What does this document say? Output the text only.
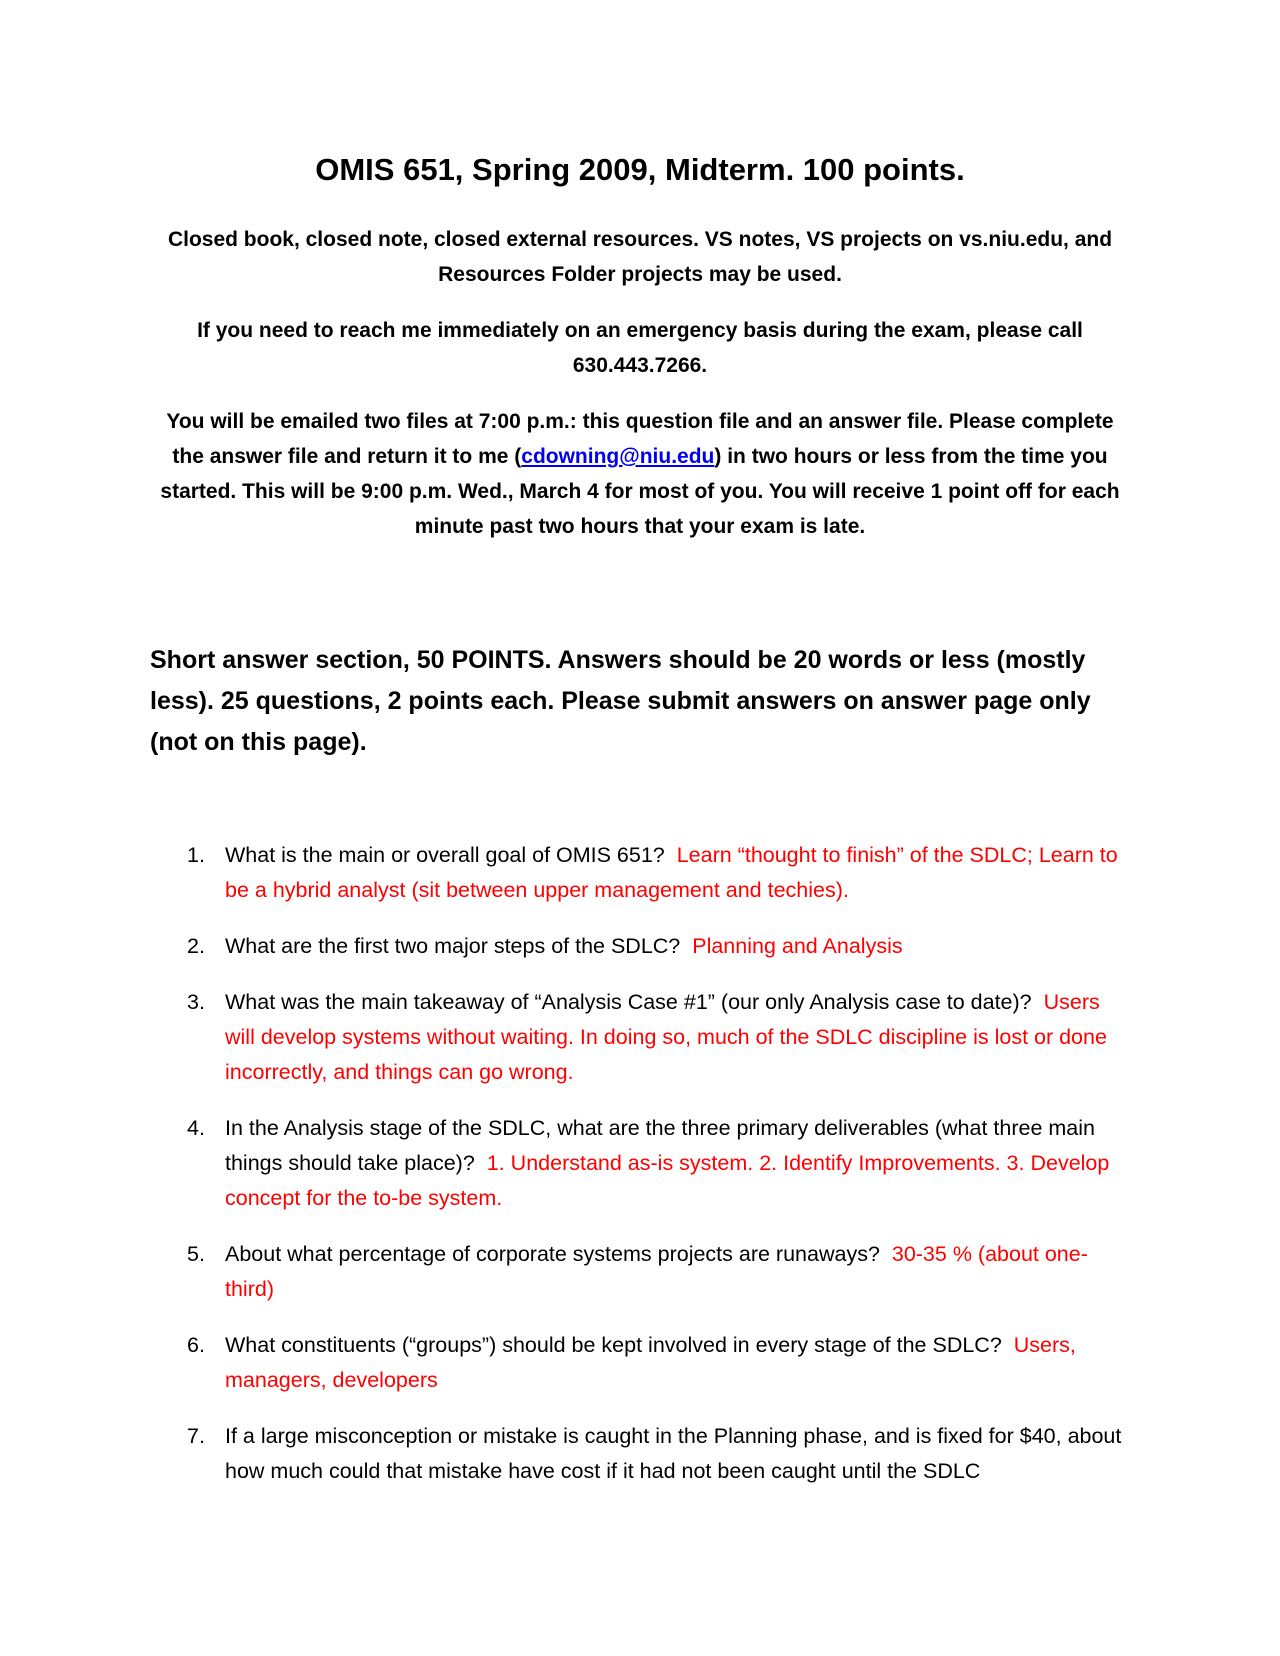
OMIS 651, Spring 2009, Midterm. 100 points.

Closed book, closed note, closed external resources. VS notes, VS projects on vs.niu.edu, and Resources Folder projects may be used.

If you need to reach me immediately on an emergency basis during the exam, please call 630.443.7266.

You will be emailed two files at 7:00 p.m.: this question file and an answer file. Please complete the answer file and return it to me (cdowning@niu.edu) in two hours or less from the time you started. This will be 9:00 p.m. Wed., March 4 for most of you. You will receive 1 point off for each minute past two hours that your exam is late.

Short answer section, 50 POINTS. Answers should be 20 words or less (mostly less). 25 questions, 2 points each. Please submit answers on answer page only (not on this page).

1. What is the main or overall goal of OMIS 651? Learn “thought to finish” of the SDLC; Learn to be a hybrid analyst (sit between upper management and techies).
2. What are the first two major steps of the SDLC? Planning and Analysis
3. What was the main takeaway of “Analysis Case #1” (our only Analysis case to date)? Users will develop systems without waiting. In doing so, much of the SDLC discipline is lost or done incorrectly, and things can go wrong.
4. In the Analysis stage of the SDLC, what are the three primary deliverables (what three main things should take place)? 1. Understand as-is system. 2. Identify Improvements. 3. Develop concept for the to-be system.
5. About what percentage of corporate systems projects are runaways? 30-35 % (about one-third)
6. What constituents (“groups”) should be kept involved in every stage of the SDLC? Users, managers, developers
7. If a large misconception or mistake is caught in the Planning phase, and is fixed for $40, about how much could that mistake have cost if it had not been caught until the SDLC
